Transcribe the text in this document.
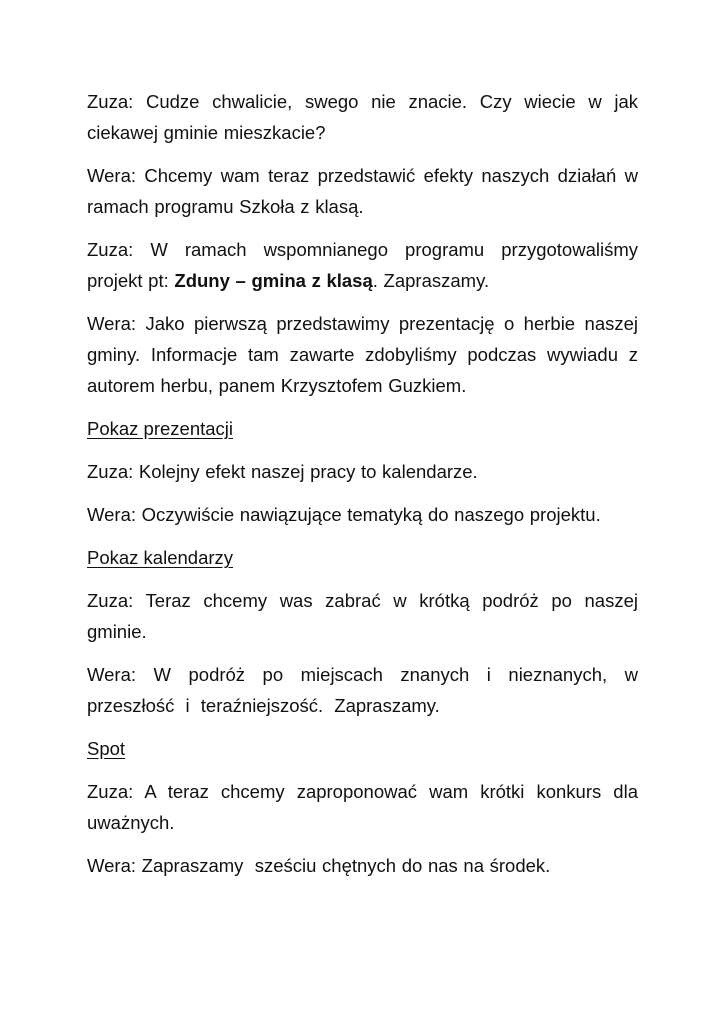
Zuza: Cudze chwalicie, swego nie znacie. Czy wiecie w jak ciekawej gminie mieszkacie?

Wera: Chcemy wam teraz przedstawić efekty naszych działań w ramach programu Szkoła z klasą.

Zuza: W ramach wspomnianego programu przygotowaliśmy projekt pt: Zduny – gmina z klasą. Zapraszamy.

Wera: Jako pierwszą przedstawimy prezentację o herbie naszej gminy. Informacje tam zawarte zdobyliśmy podczas wywiadu z autorem herbu, panem Krzysztofem Guzkiem.

Pokaz prezentacji

Zuza: Kolejny efekt naszej pracy to kalendarze.

Wera: Oczywiście nawiązujące tematyką do naszego projektu.

Pokaz kalendarzy

Zuza: Teraz chcemy was zabrać w krótką podróż po naszej gminie.

Wera: W podróż po miejscach znanych i nieznanych, w przeszłość i teraźniejszość. Zapraszamy.

Spot

Zuza: A teraz chcemy zaproponować wam krótki konkurs dla uważnych.

Wera: Zapraszamy  sześciu chętnych do nas na środek.
